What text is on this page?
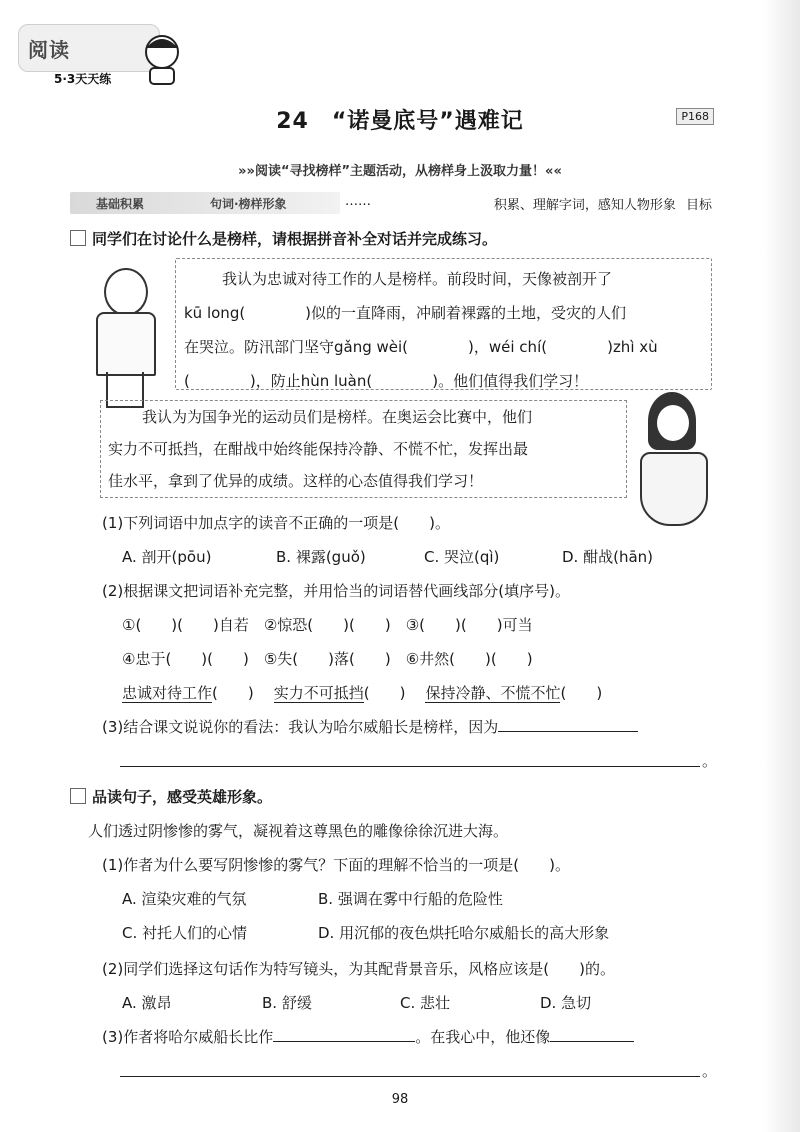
阅读
5·3天天练
24　“诺曼底号”遇难记	P168
»»阅读“寻找榜样”主题活动，从榜样身上汲取力量！««
基础积累	句词·榜样形象	……	积累、理解字词，感知人物形象 目标
同学们在讨论什么是榜样，请根据拼音补全对话并完成练习。
我认为忠诚对待工作的人是榜样。前段时间，天像被剖开了
kū long(　　　　)似的一直降雨，冲刷着裸露的土地，受灾的人们
在哭泣。防汛部门坚守gǎng wèi(　　　　)，wéi chí(　　　　)zhì xù
(　　　　)，防止hùn luàn(　　　　)。他们值得我们学习！
我认为为国争光的运动员们是榜样。在奥运会比赛中，他们
实力不可抵挡，在酣战中始终能保持冷静、不慌不忙，发挥出最
佳水平，拿到了优异的成绩。这样的心态值得我们学习！
(1)下列词语中加点字的读音不正确的一项是(　　)。
A. 剖开(pōu)	B. 裸露(guǒ)	C. 哭泣(qì)	D. 酣战(hān)
(2)根据课文把词语补充完整，并用恰当的词语替代画线部分(填序号)。
①(　　)(　　)自若　②惊恐(　　)(　　)　③(　　)(　　)可当
④忠于(　　)(　　)　⑤失(　　)落(　　)　⑥井然(　　)(　　)
忠诚对待工作(　　) 实力不可抵挡(　　) 保持冷静、不慌不忙(　　)
(3)结合课文说说你的看法：我认为哈尔威船长是榜样，因为
。
品读句子，感受英雄形象。
人们透过阴惨惨的雾气，凝视着这尊黑色的雕像徐徐沉进大海。
(1)作者为什么要写阴惨惨的雾气？下面的理解不恰当的一项是(　　)。
A. 渲染灾难的气氛	B. 强调在雾中行船的危险性
C. 衬托人们的心情	D. 用沉郁的夜色烘托哈尔威船长的高大形象
(2)同学们选择这句话作为特写镜头，为其配背景音乐，风格应该是(　　)的。
A. 激昂	B. 舒缓	C. 悲壮	D. 急切
(3)作者将哈尔威船长比作	。在我心中，他还像
。
98
